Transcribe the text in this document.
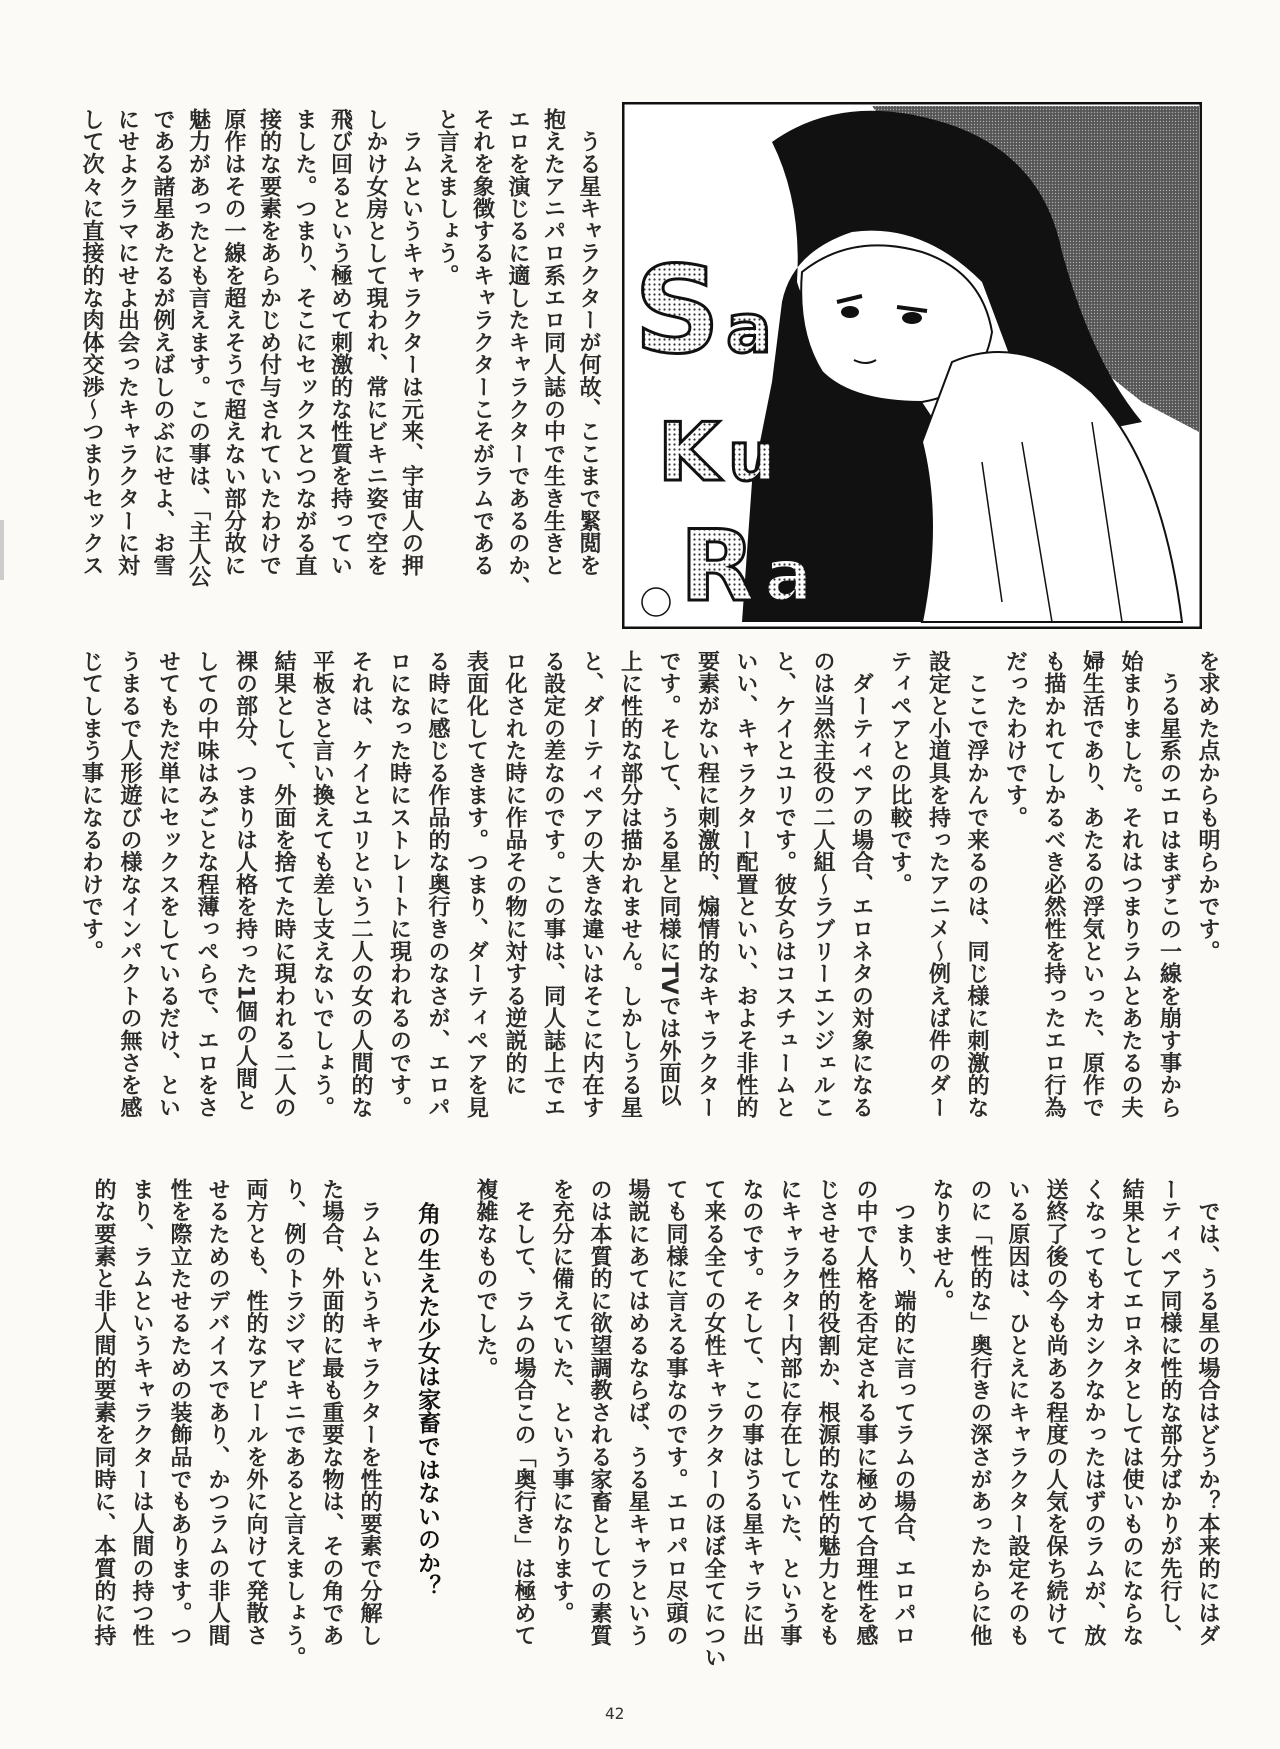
　うる星キャラクターが何故、ここまで緊閲を
抱えたアニパロ系エロ同人誌の中で生き生きと
エロを演じるに適したキャラクターであるのか、
それを象徴するキャラクターこそがラムである
と言えましょう。
　ラムというキャラクターは元来、宇宙人の押
しかけ女房として現われ、常にビキニ姿で空を
飛び回るという極めて刺激的な性質を持ってい
ました。つまり、そこにセックスとつながる直
接的な要素をあらかじめ付与されていたわけで
原作はその一線を超えそうで超えない部分故に
魅力があったとも言えます。この事は、「主人公
である諸星あたるが例えばしのぶにせよ、お雪
にせよクラマにせよ出会ったキャラクターに対
して次々に直接的な肉体交渉〜つまりセックス	S a
K u
R a
を求めた点からも明らかです。
　うる星系のエロはまずこの一線を崩す事から
始まりました。それはつまりラムとあたるの夫
婦生活であり、あたるの浮気といった、原作で
も描かれてしかるべき必然性を持ったエロ行為
だったわけです。
　ここで浮かんで来るのは、同じ様に刺激的な
設定と小道具を持ったアニメ〜例えば件のダー
ティペアとの比較です。
　ダーティペアの場合、エロネタの対象になる
のは当然主役の二人組〜ラブリーエンジェルこ
と、ケイとユリです。彼女らはコスチュームと
いい、キャラクター配置といい、およそ非性的
要素がない程に刺激的、煽情的なキャラクター
です。そして、うる星と同様にTVでは外面以
上に性的な部分は描かれません。しかしうる星
と、ダーティペアの大きな違いはそこに内在す
る設定の差なのです。この事は、同人誌上でエ
ロ化された時に作品その物に対する逆説的に
表面化してきます。つまり、ダーティペアを見
る時に感じる作品的な奥行きのなさが、エロパ
ロになった時にストレートに現われるのです。
それは、ケイとユリという二人の女の人間的な
平板さと言い換えても差し支えないでしょう。
結果として、外面を捨てた時に現われる二人の
裸の部分、つまりは人格を持った1個の人間と
しての中味はみごとな程薄っぺらで、エロをさ
せてもただ単にセックスをしているだけ、とい
うまるで人形遊びの様なインパクトの無さを感
じてしまう事になるわけです。
　では、うる星の場合はどうか？本来的にはダ
ーティペア同様に性的な部分ばかりが先行し、
結果としてエロネタとしては使いものにならな
くなってもオカシクなかったはずのラムが、放
送終了後の今も尚ある程度の人気を保ち続けて
いる原因は、ひとえにキャラクター設定そのも
のに「性的な」奥行きの深さがあったからに他
なりません。
　つまり、端的に言ってラムの場合、エロパロ
の中で人格を否定される事に極めて合理性を感
じさせる性的役割か、根源的な性的魅力とをも
にキャラクター内部に存在していた、という事
なのです。そして、この事はうる星キャラに出
て来る全ての女性キャラクターのほぼ全てについ
ても同様に言える事なのです。エロパロ尽頭の
場説にあてはめるならば、うる星キャラという
のは本質的に欲望調教される家畜としての素質
を充分に備えていた、という事になります。
　そして、ラムの場合この「奥行き」は極めて
複雑なものでした。
　角の生えた少女は家畜ではないのか？
　ラムというキャラクターを性的要素で分解し
た場合、外面的に最も重要な物は、その角であ
り、例のトラジマビキニであると言えましょう。
両方とも、性的なアピールを外に向けて発散さ
せるためのデバイスであり、かつラムの非人間
性を際立たせるための装飾品でもあります。つ
まり、ラムというキャラクターは人間の持つ性
的な要素と非人間的要素を同時に、本質的に持
42
